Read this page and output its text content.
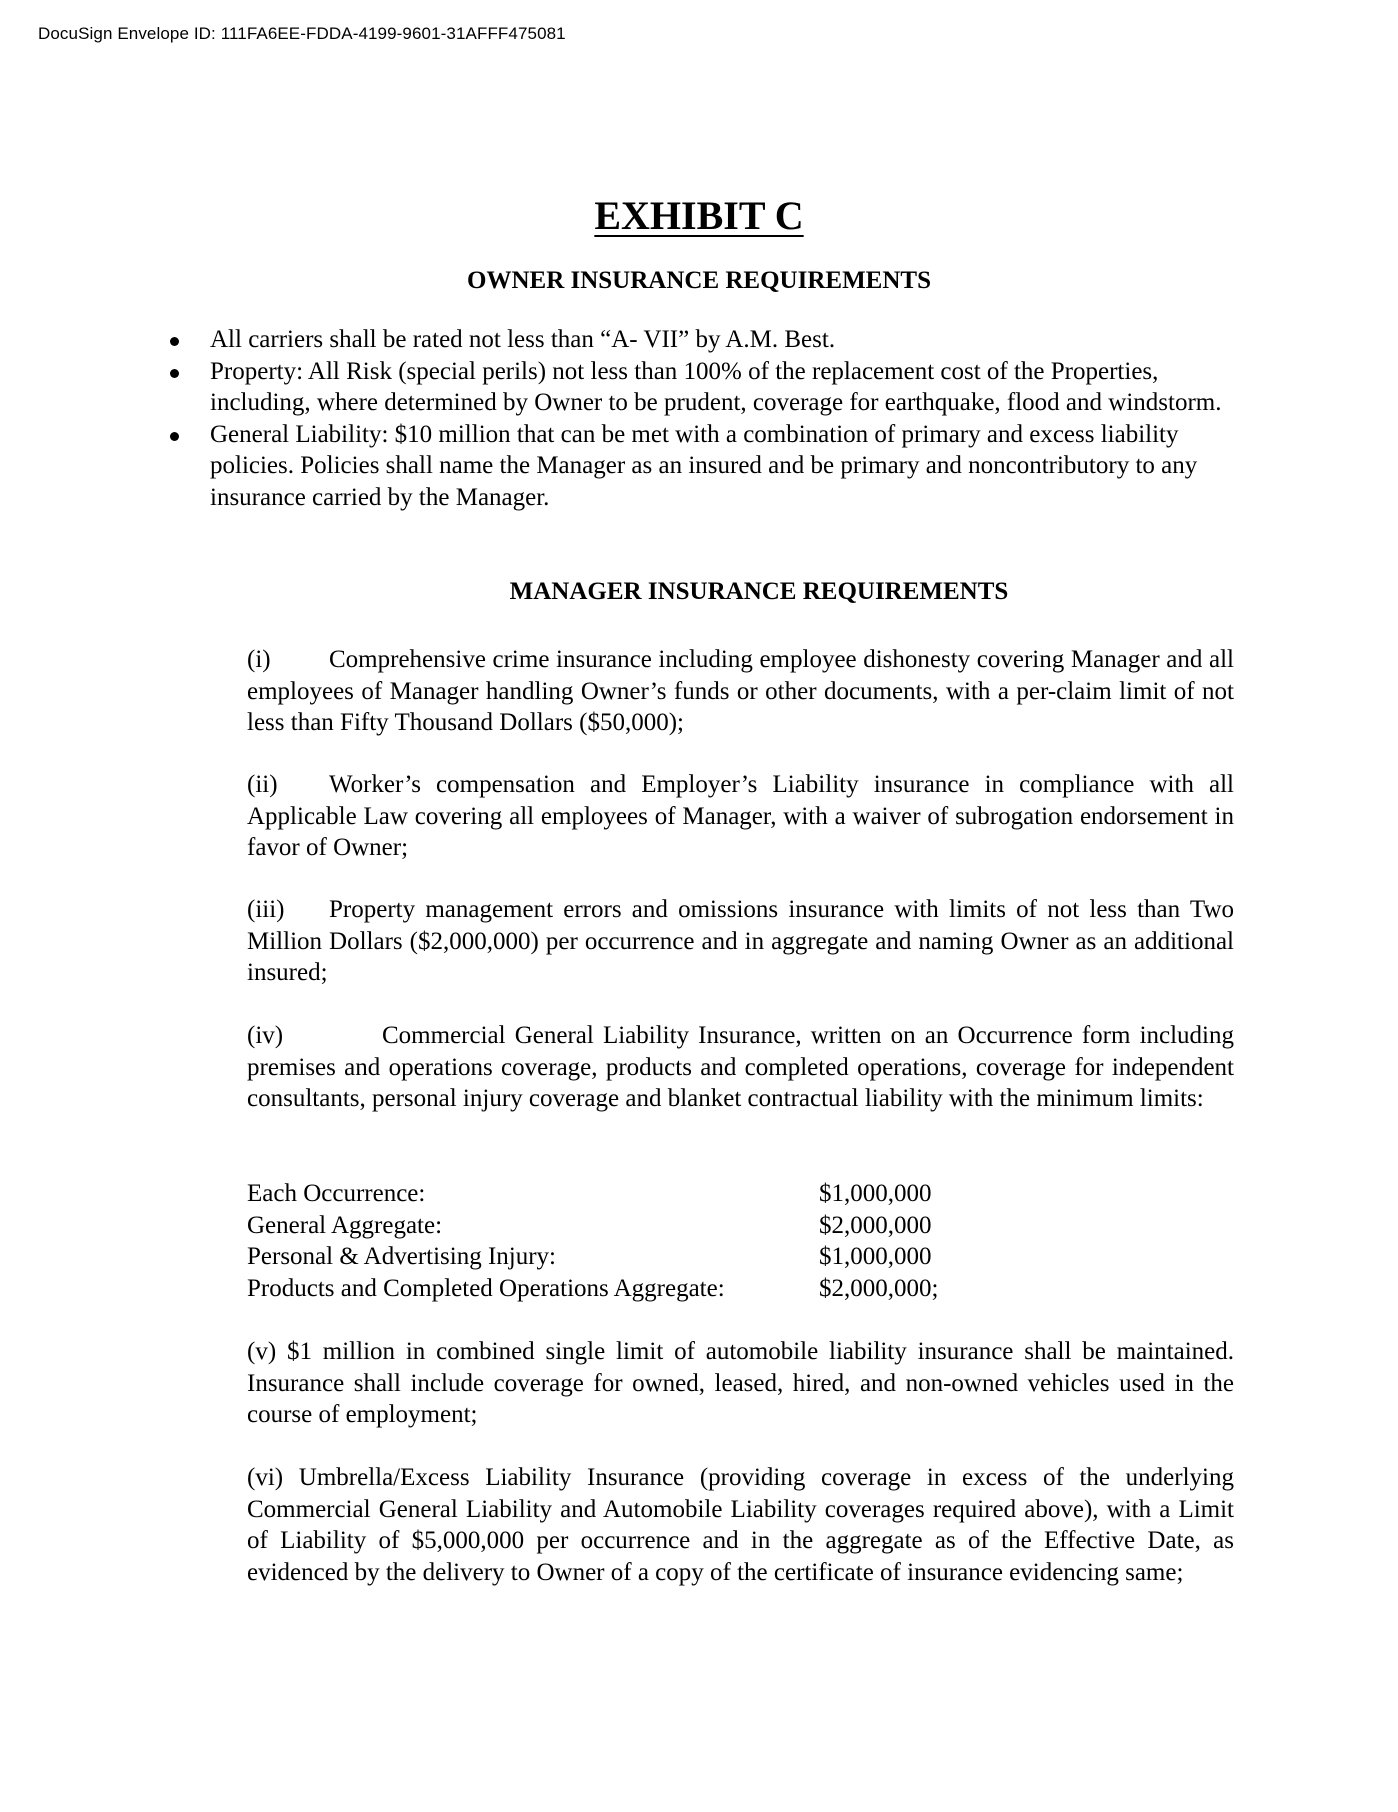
DocuSign Envelope ID: 111FA6EE-FDDA-4199-9601-31AFFF475081
EXHIBIT C
OWNER INSURANCE REQUIREMENTS
All carriers shall be rated not less than “A- VII” by A.M. Best.
Property: All Risk (special perils) not less than 100% of the replacement cost of the Properties, including, where determined by Owner to be prudent, coverage for earthquake, flood and windstorm.
General Liability: $10 million that can be met with a combination of primary and excess liability policies. Policies shall name the Manager as an insured and be primary and noncontributory to any insurance carried by the Manager.
MANAGER INSURANCE REQUIREMENTS

(i) Comprehensive crime insurance including employee dishonesty covering Manager and all employees of Manager handling Owner’s funds or other documents, with a per-claim limit of not less than Fifty Thousand Dollars ($50,000);

(ii) Worker’s compensation and Employer’s Liability insurance in compliance with all Applicable Law covering all employees of Manager, with a waiver of subrogation endorsement in favor of Owner;

(iii) Property management errors and omissions insurance with limits of not less than Two Million Dollars ($2,000,000) per occurrence and in aggregate and naming Owner as an additional insured;

(iv)	Commercial General Liability Insurance, written on an Occurrence form including premises and operations coverage, products and completed operations, coverage for independent consultants, personal injury coverage and blanket contractual liability with the minimum limits:

Each Occurrence:	$1,000,000
General Aggregate:	$2,000,000
Personal & Advertising Injury:	$1,000,000
Products and Completed Operations Aggregate:	$2,000,000;

(v) $1 million in combined single limit of automobile liability insurance shall be maintained. Insurance shall include coverage for owned, leased, hired, and non-owned vehicles used in the course of employment;

(vi) Umbrella/Excess Liability Insurance (providing coverage in excess of the underlying Commercial General Liability and Automobile Liability coverages required above), with a Limit of Liability of $5,000,000 per occurrence and in the aggregate as of the Effective Date, as evidenced by the delivery to Owner of a copy of the certificate of insurance evidencing same;
